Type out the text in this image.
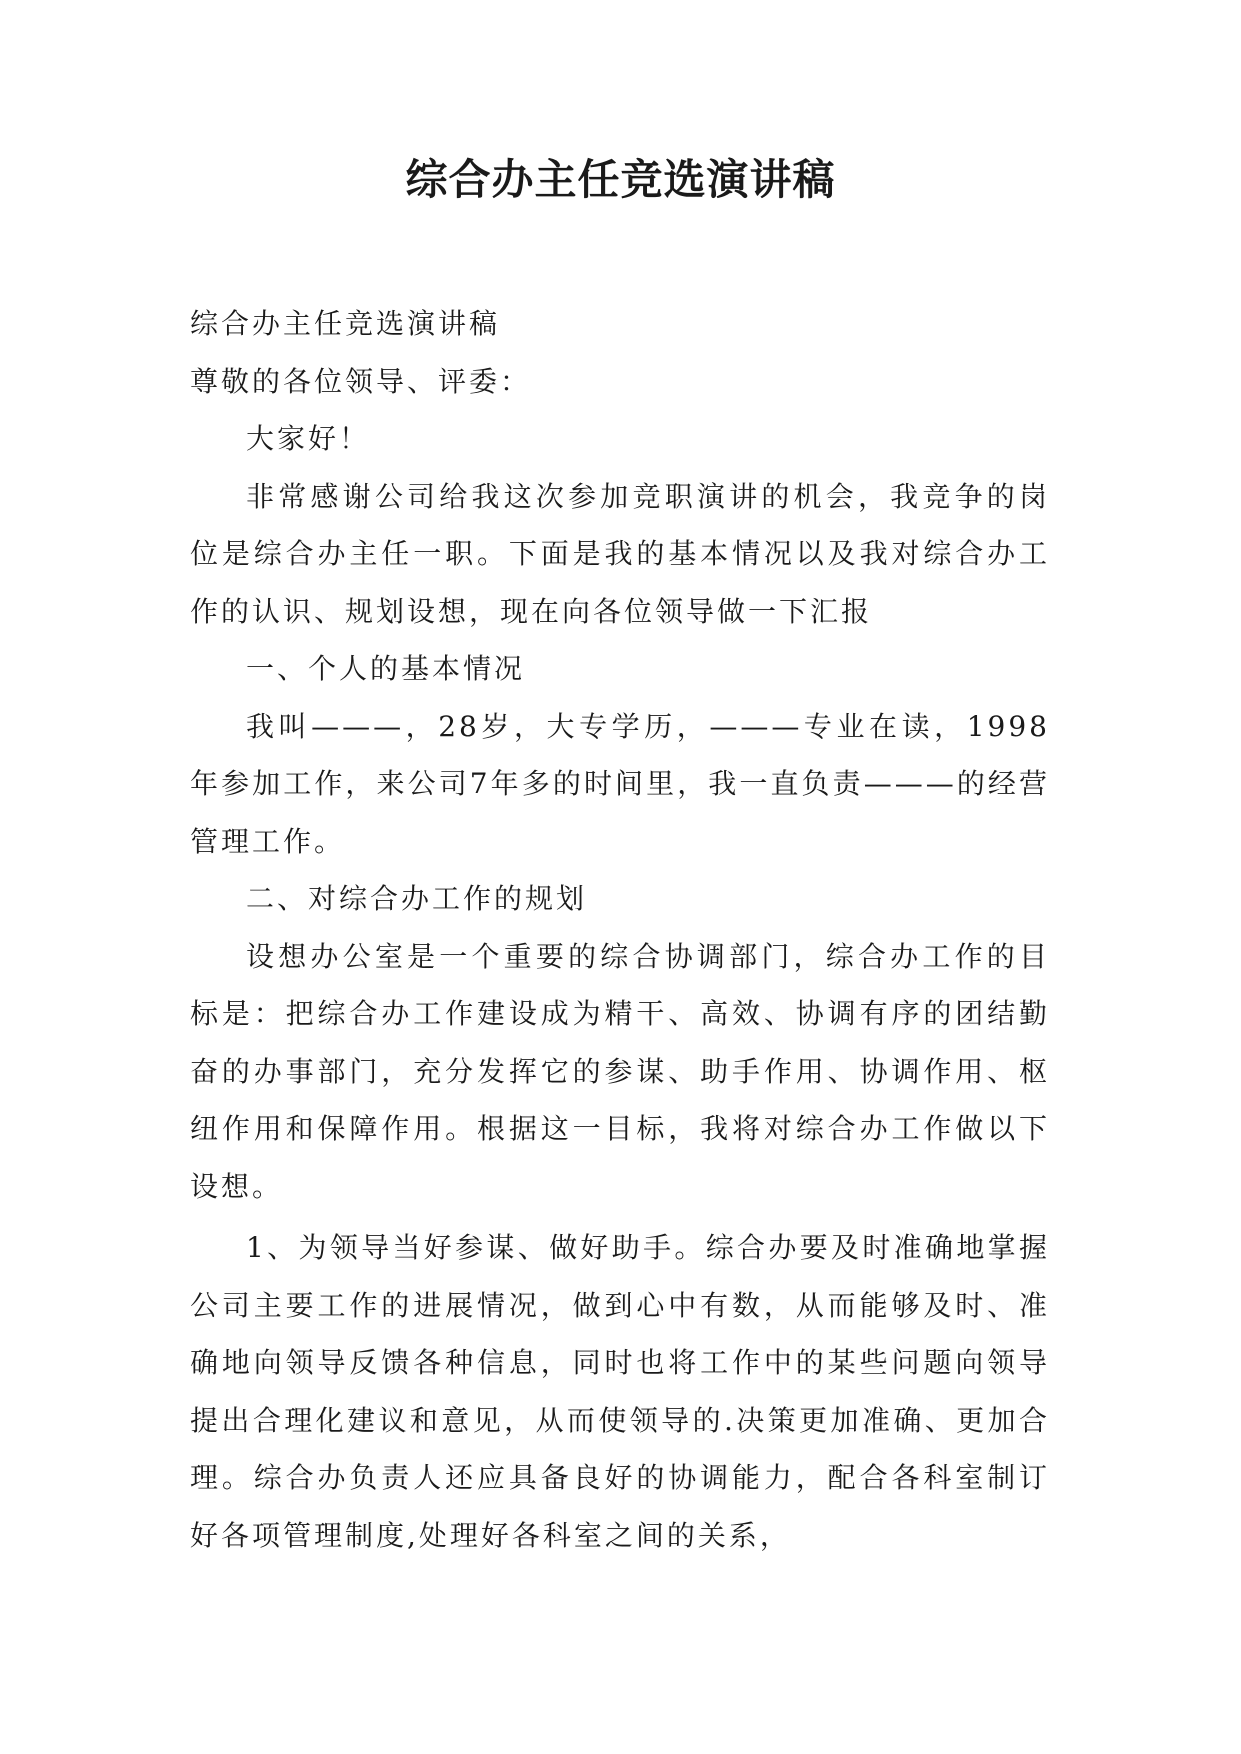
综合办主任竞选演讲稿

综合办主任竞选演讲稿

尊敬的各位领导、评委：

大家好！

非常感谢公司给我这次参加竞职演讲的机会，我竞争的岗位是综合办主任一职。下面是我的基本情况以及我对综合办工作的认识、规划设想，现在向各位领导做一下汇报

一、个人的基本情况

我叫———，28岁，大专学历，———专业在读，1998年参加工作，来公司7年多的时间里，我一直负责———的经营管理工作。

二、对综合办工作的规划

设想办公室是一个重要的综合协调部门，综合办工作的目标是：把综合办工作建设成为精干、高效、协调有序的团结勤奋的办事部门，充分发挥它的参谋、助手作用、协调作用、枢纽作用和保障作用。根据这一目标，我将对综合办工作做以下设想。

1、为领导当好参谋、做好助手。综合办要及时准确地掌握公司主要工作的进展情况，做到心中有数，从而能够及时、准确地向领导反馈各种信息，同时也将工作中的某些问题向领导提出合理化建议和意见，从而使领导的.决策更加准确、更加合理。综合办负责人还应具备良好的协调能力，配合各科室制订好各项管理制度,处理好各科室之间的关系，
